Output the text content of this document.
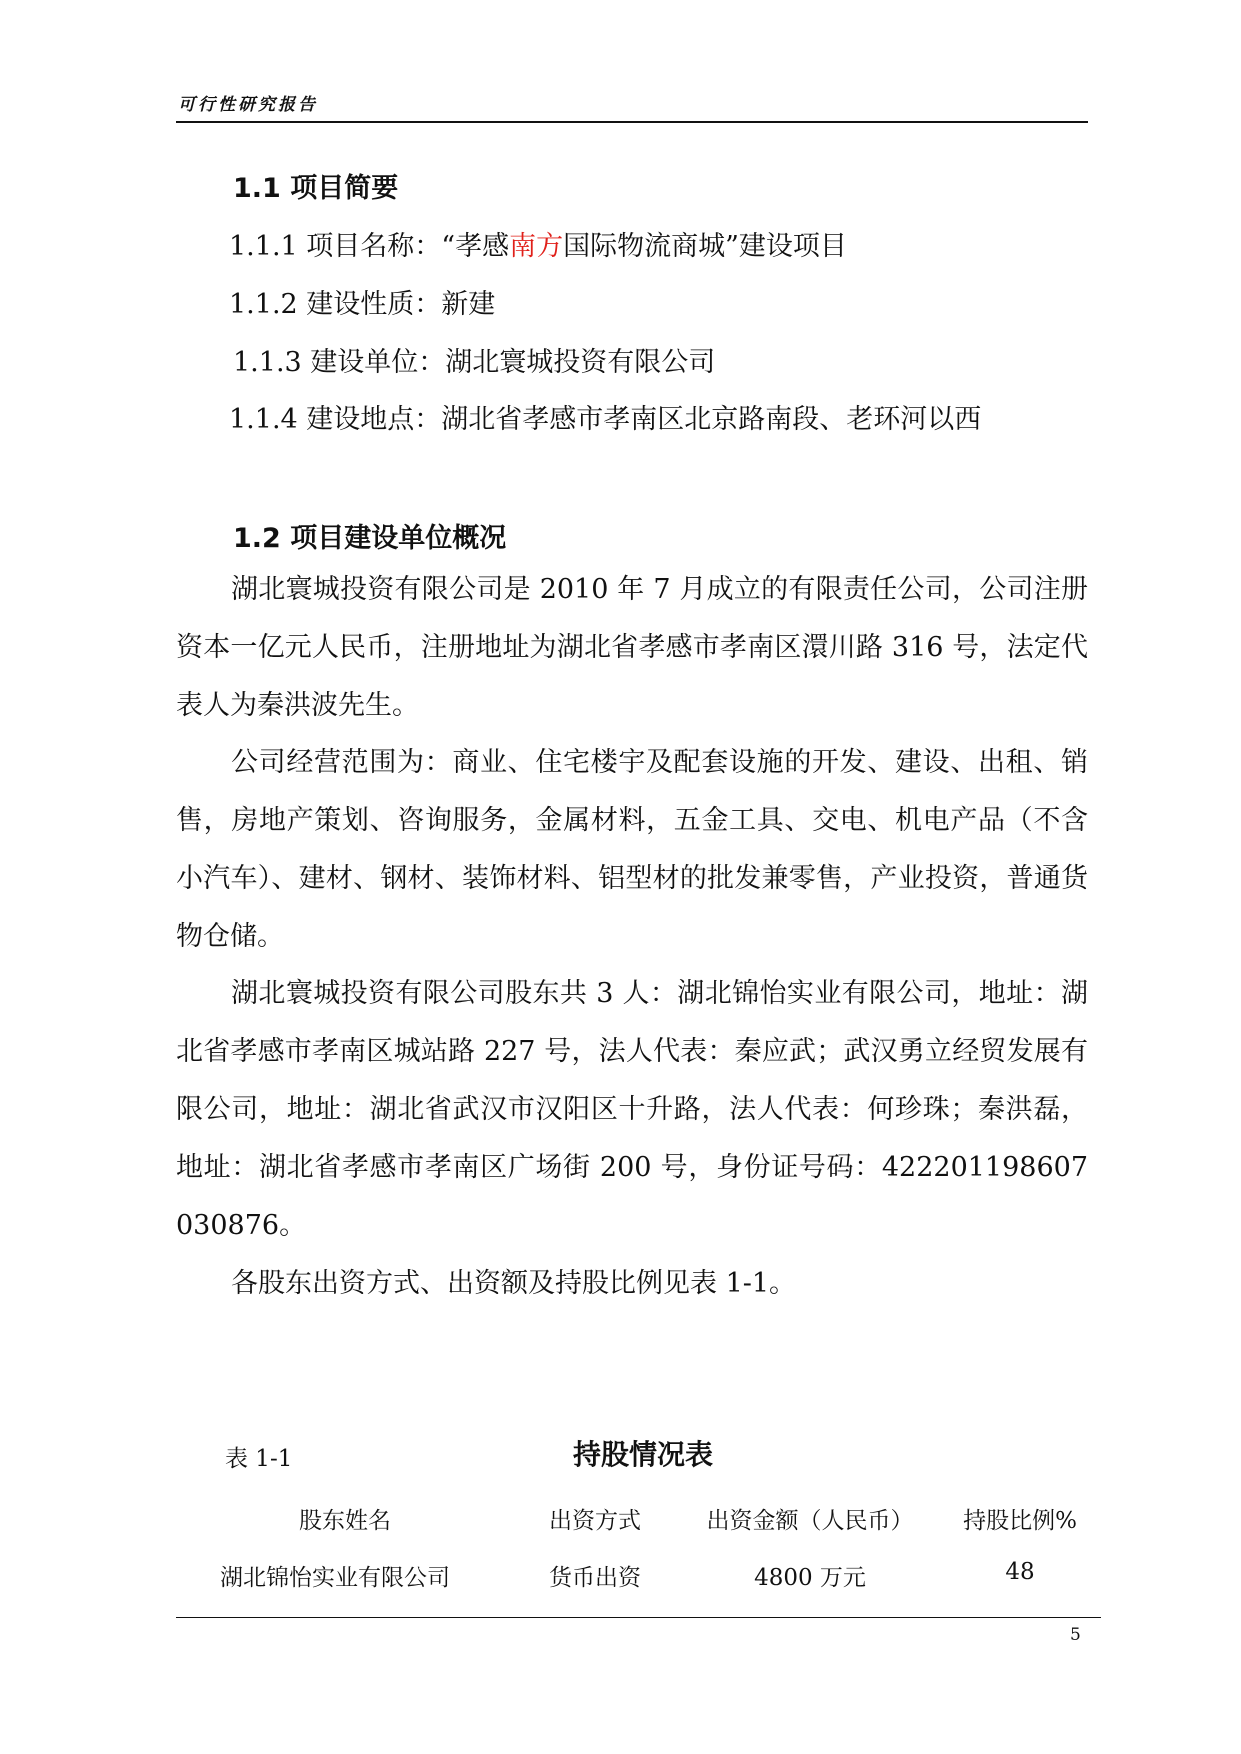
可行性研究报告
1.1 项目简要
1.1.1 项目名称：“孝感南方国际物流商城”建设项目
1.1.2 建设性质：新建
1.1.3 建设单位：湖北寰城投资有限公司
1.1.4 建设地点：湖北省孝感市孝南区北京路南段、老环河以西
1.2 项目建设单位概况
湖北寰城投资有限公司是 2010 年 7 月成立的有限责任公司，公司注册资本一亿元人民币，注册地址为湖北省孝感市孝南区澴川路 316 号，法定代表人为秦洪波先生。
公司经营范围为：商业、住宅楼宇及配套设施的开发、建设、出租、销售，房地产策划、咨询服务，金属材料，五金工具、交电、机电产品（不含小汽车）、建材、钢材、装饰材料、铝型材的批发兼零售，产业投资，普通货物仓储。
湖北寰城投资有限公司股东共 3 人：湖北锦怡实业有限公司，地址：湖北省孝感市孝南区城站路 227 号，法人代表：秦应武；武汉勇立经贸发展有限公司，地址：湖北省武汉市汉阳区十升路，法人代表：何珍珠；秦洪磊，地址：湖北省孝感市孝南区广场街 200 号，身份证号码：422201198607030876。
各股东出资方式、出资额及持股比例见表 1-1。
表 1-1	持股情况表
股东姓名	出资方式	出资金额（人民币）	持股比例%
湖北锦怡实业有限公司	货币出资	4800 万元	48
5
